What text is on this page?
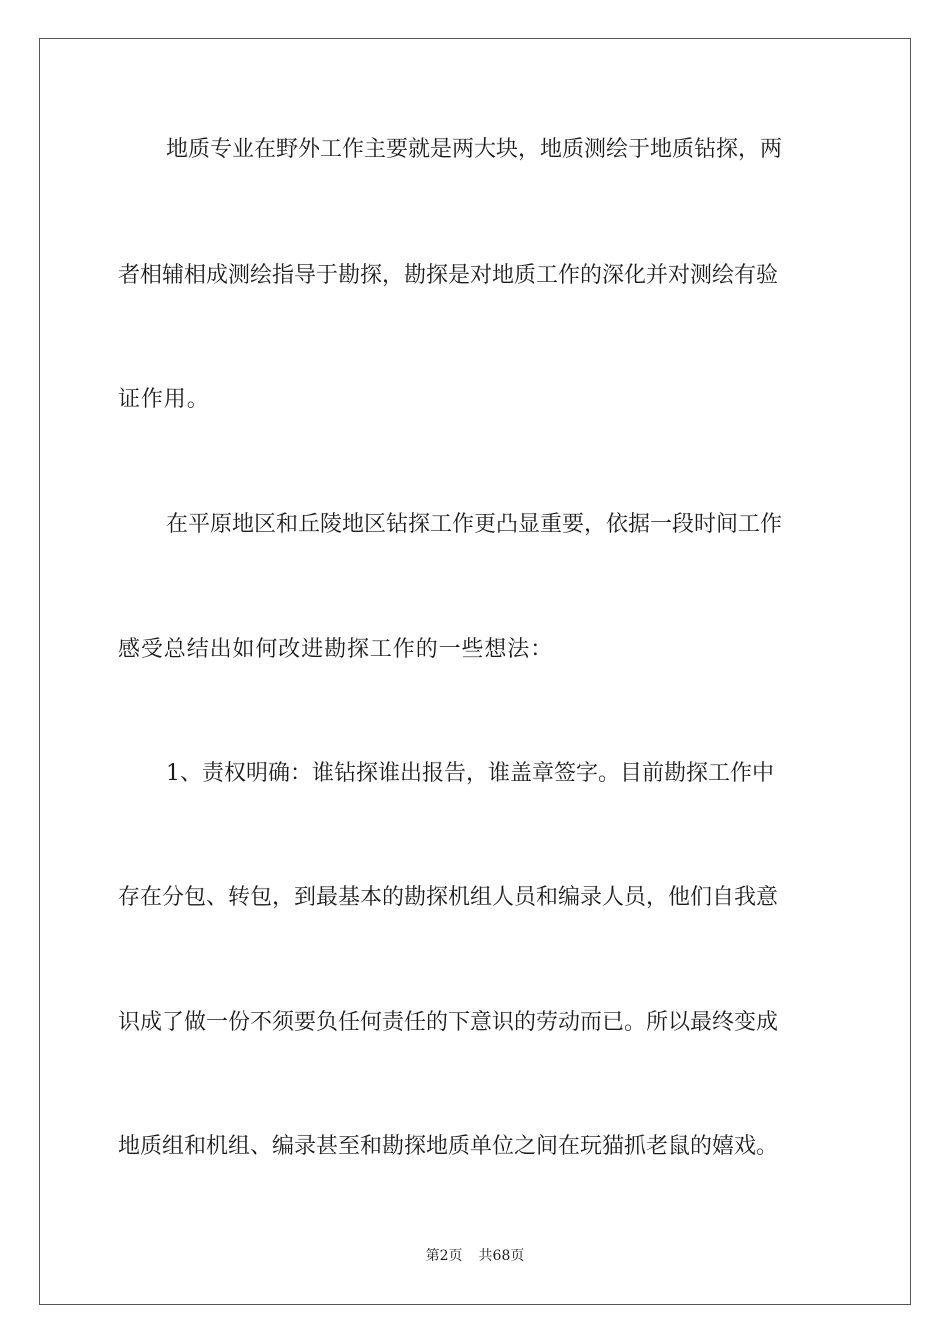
地质专业在野外工作主要就是两大块，地质测绘于地质钻探，两
者相辅相成测绘指导于勘探，勘探是对地质工作的深化并对测绘有验
证作用。
在平原地区和丘陵地区钻探工作更凸显重要，依据一段时间工作
感受总结出如何改进勘探工作的一些想法：
1、责权明确：谁钻探谁出报告，谁盖章签字。目前勘探工作中
存在分包、转包，到最基本的勘探机组人员和编录人员，他们自我意
识成了做一份不须要负任何责任的下意识的劳动而已。所以最终变成
地质组和机组、编录甚至和勘探地质单位之间在玩猫抓老鼠的嬉戏。
第2页 共68页
